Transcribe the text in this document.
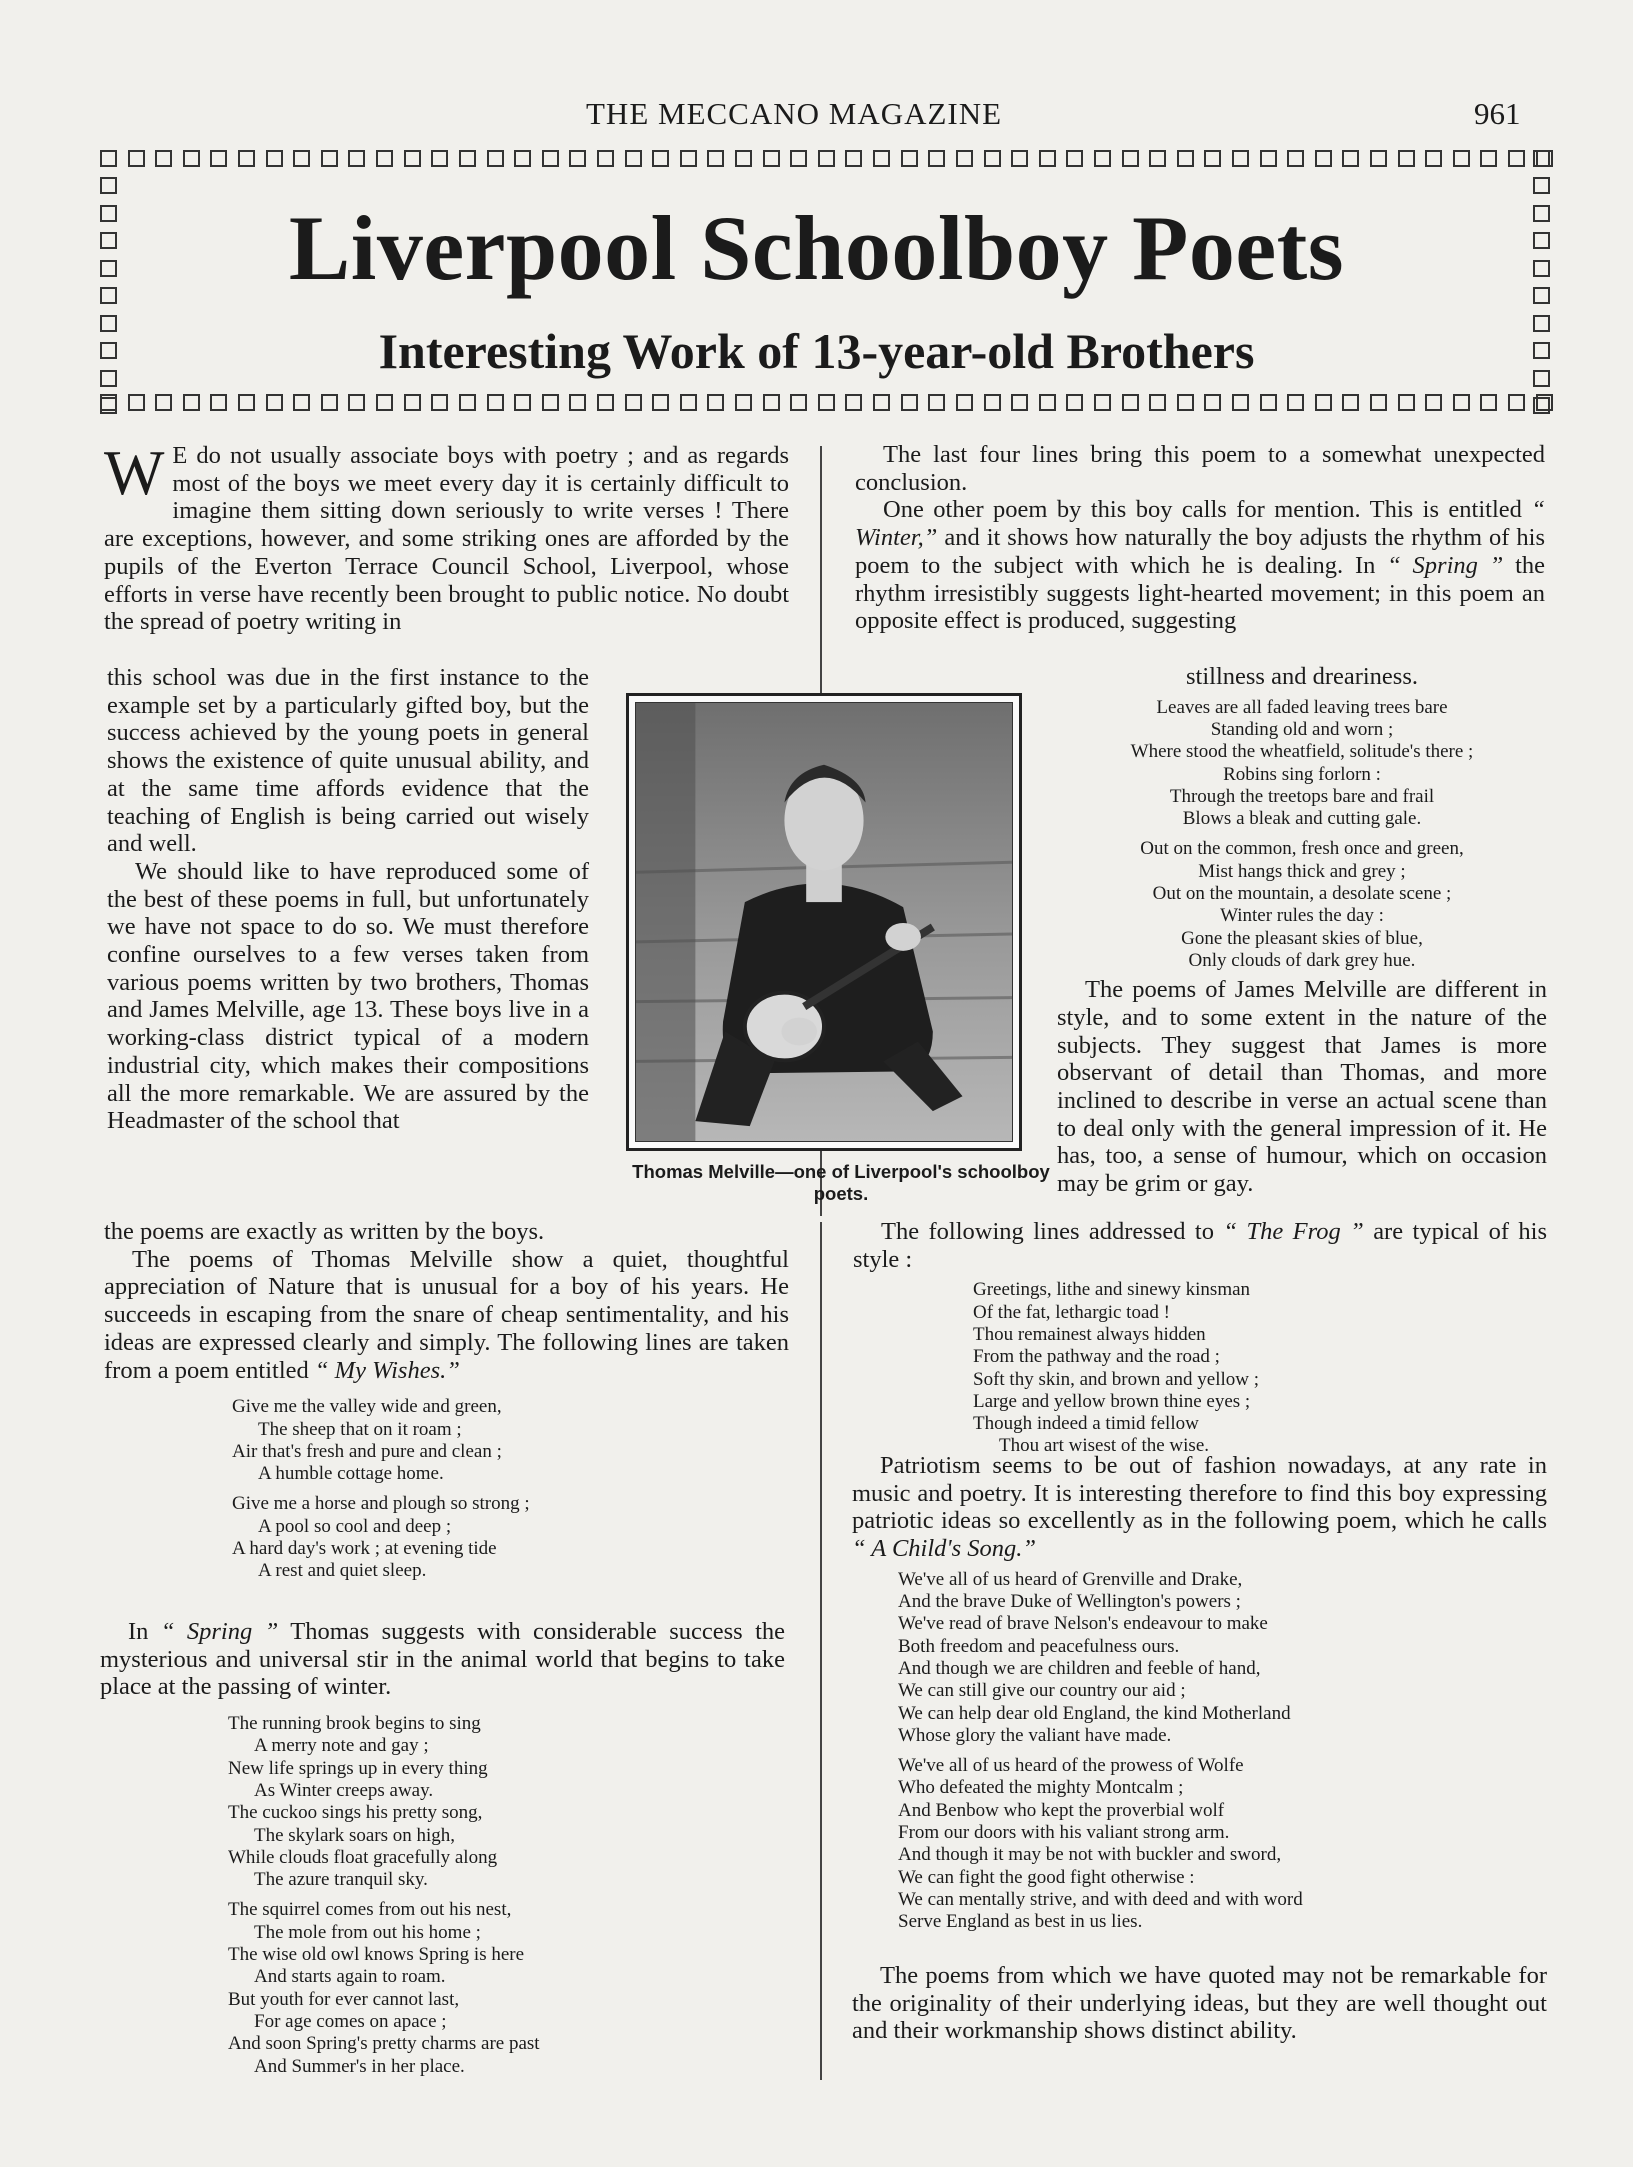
THE MECCANO MAGAZINE	961
Liverpool Schoolboy Poets
Interesting Work of 13-year-old Brothers

W E do not usually associate boys with poetry ; and as regards most of the boys we meet every day it is certainly difficult to imagine them sitting down seriously to write verses ! There are exceptions, however, and some striking ones are afforded by the pupils of the Everton Terrace Council School, Liverpool, whose efforts in verse have recently been brought to public notice. No doubt the spread of poetry writing in

this school was due in the first instance to the example set by a particularly gifted boy, but the success achieved by the young poets in general shows the existence of quite unusual ability, and at the same time affords evidence that the teaching of English is being carried out wisely and well.

We should like to have reproduced some of the best of these poems in full, but unfortunately we have not space to do so. We must therefore confine ourselves to a few verses taken from various poems written by two brothers, Thomas and James Melville, age 13. These boys live in a working-class district typical of a modern industrial city, which makes their compositions all the more remarkable. We are assured by the Headmaster of the school that

the poems are exactly as written by the boys.

The poems of Thomas Melville show a quiet, thoughtful appreciation of Nature that is unusual for a boy of his years. He succeeds in escaping from the snare of cheap sentimentality, and his ideas are expressed clearly and simply. The following lines are taken from a poem entitled “ My Wishes.”

Give me the valley wide and green,
The sheep that on it roam ;
Air that's fresh and pure and clean ;
A humble cottage home.
Give me a horse and plough so strong ;
A pool so cool and deep ;
A hard day's work ; at evening tide
A rest and quiet sleep.

In “ Spring ” Thomas suggests with considerable success the mysterious and universal stir in the animal world that begins to take place at the passing of winter.

The running brook begins to sing
A merry note and gay ;
New life springs up in every thing
As Winter creeps away.
The cuckoo sings his pretty song,
The skylark soars on high,
While clouds float gracefully along
The azure tranquil sky.
The squirrel comes from out his nest,
The mole from out his home ;
The wise old owl knows Spring is here
And starts again to roam.
But youth for ever cannot last,
For age comes on apace ;
And soon Spring's pretty charms are past
And Summer's in her place.
Thomas Melville—one of Liverpool's schoolboy poets.

The last four lines bring this poem to a somewhat unexpected conclusion.

One other poem by this boy calls for mention. This is entitled “ Winter,” and it shows how naturally the boy adjusts the rhythm of his poem to the subject with which he is dealing. In “ Spring ” the rhythm irresistibly suggests light-hearted movement; in this poem an opposite effect is produced, suggesting

stillness and dreariness.
Leaves are all faded leaving trees bare
Standing old and worn ;
Where stood the wheatfield, solitude's there ;
Robins sing forlorn :
Through the treetops bare and frail
Blows a bleak and cutting gale.
Out on the common, fresh once and green,
Mist hangs thick and grey ;
Out on the mountain, a desolate scene ;
Winter rules the day :
Gone the pleasant skies of blue,
Only clouds of dark grey hue.

The poems of James Melville are different in style, and to some extent in the nature of the subjects. They suggest that James is more observant of detail than Thomas, and more inclined to describe in verse an actual scene than to deal only with the general impression of it. He has, too, a sense of humour, which on occasion may be grim or gay.

The following lines addressed to “ The Frog ” are typical of his style :

Greetings, lithe and sinewy kinsman
Of the fat, lethargic toad !
Thou remainest always hidden
From the pathway and the road ;
Soft thy skin, and brown and yellow ;
Large and yellow brown thine eyes ;
Though indeed a timid fellow
Thou art wisest of the wise.

Patriotism seems to be out of fashion nowadays, at any rate in music and poetry. It is interesting therefore to find this boy expressing patriotic ideas so excellently as in the following poem, which he calls “ A Child's Song.”

We've all of us heard of Grenville and Drake,
And the brave Duke of Wellington's powers ;
We've read of brave Nelson's endeavour to make
Both freedom and peacefulness ours.
And though we are children and feeble of hand,
We can still give our country our aid ;
We can help dear old England, the kind Motherland
Whose glory the valiant have made.
We've all of us heard of the prowess of Wolfe
Who defeated the mighty Montcalm ;
And Benbow who kept the proverbial wolf
From our doors with his valiant strong arm.
And though it may be not with buckler and sword,
We can fight the good fight otherwise :
We can mentally strive, and with deed and with word
Serve England as best in us lies.

The poems from which we have quoted may not be remarkable for the originality of their underlying ideas, but they are well thought out and their workmanship shows distinct ability.
